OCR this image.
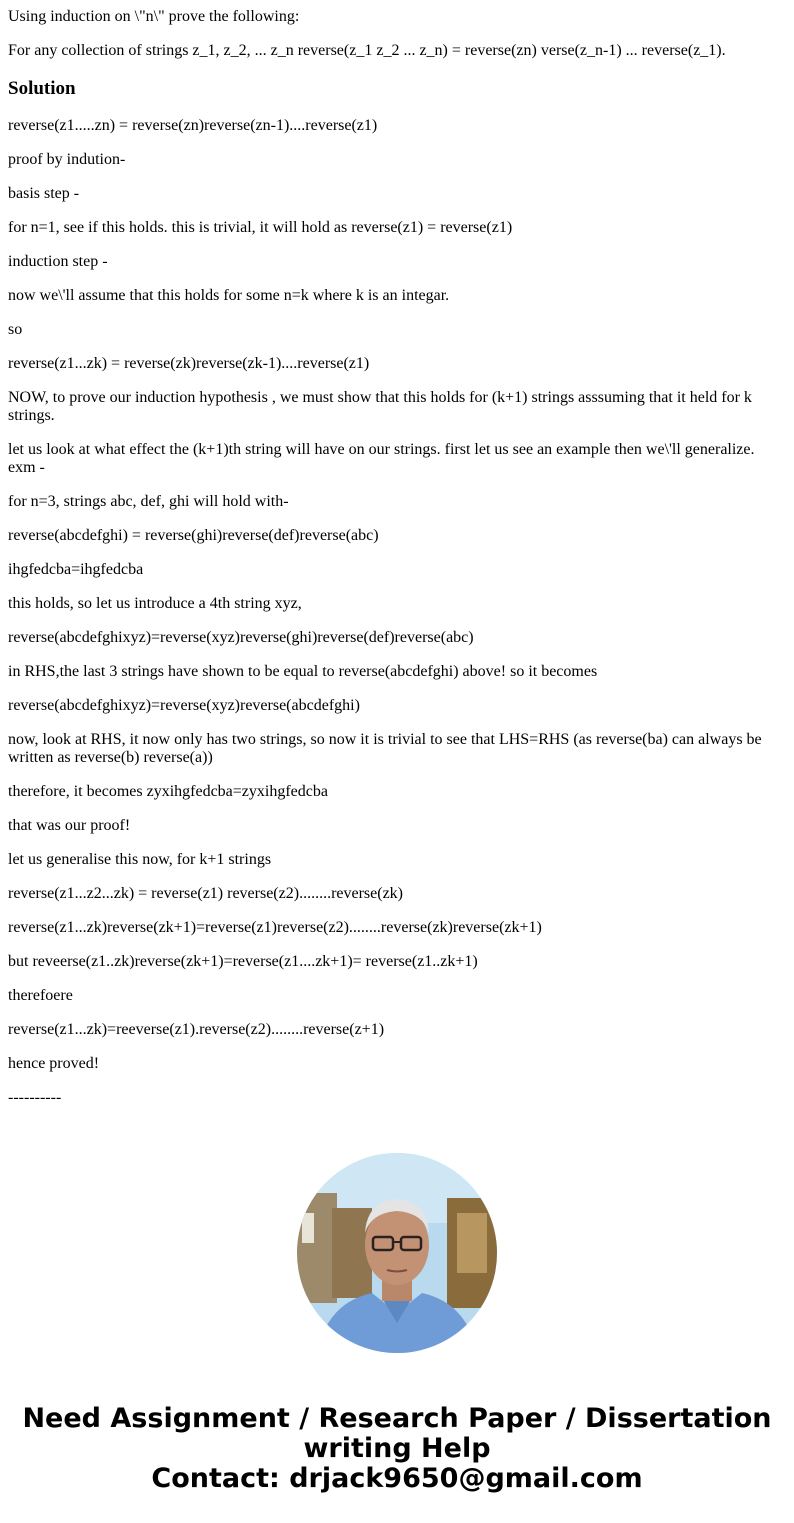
Using induction on \"n\" prove the following:

For any collection of strings z_1, z_2, ... z_n reverse(z_1 z_2 ... z_n) = reverse(zn) verse(z_n-1) ... reverse(z_1).

Solution

reverse(z1.....zn) = reverse(zn)reverse(zn-1)....reverse(z1)

proof by indution-

basis step -

for n=1, see if this holds. this is trivial, it will hold as reverse(z1) = reverse(z1)

induction step -

now we\'ll assume that this holds for some n=k where k is an integar.

so

reverse(z1...zk) = reverse(zk)reverse(zk-1)....reverse(z1)

NOW, to prove our induction hypothesis , we must show that this holds for (k+1) strings asssuming that it held for k strings.

let us look at what effect the (k+1)th string will have on our strings. first let us see an example then we\'ll generalize. exm -

for n=3, strings abc, def, ghi will hold with-

reverse(abcdefghi) = reverse(ghi)reverse(def)reverse(abc)

ihgfedcba=ihgfedcba

this holds, so let us introduce a 4th string xyz,

reverse(abcdefghixyz)=reverse(xyz)reverse(ghi)reverse(def)reverse(abc)

in RHS,the last 3 strings have shown to be equal to reverse(abcdefghi) above! so it becomes

reverse(abcdefghixyz)=reverse(xyz)reverse(abcdefghi)

now, look at RHS, it now only has two strings, so now it is trivial to see that LHS=RHS (as reverse(ba) can always be written as reverse(b) reverse(a))

therefore, it becomes zyxihgfedcba=zyxihgfedcba

that was our proof!

let us generalise this now, for k+1 strings

reverse(z1...z2...zk) = reverse(z1) reverse(z2)........reverse(zk)

reverse(z1...zk)reverse(zk+1)=reverse(z1)reverse(z2)........reverse(zk)reverse(zk+1)

but reveerse(z1..zk)reverse(zk+1)=reverse(z1....zk+1)= reverse(z1..zk+1)

therefoere

reverse(z1...zk)=reeverse(z1).reverse(z2)........reverse(z+1)

hence proved!

----------

Need Assignment / Research Paper / Dissertation
writing Help
Contact: drjack9650@gmail.com
